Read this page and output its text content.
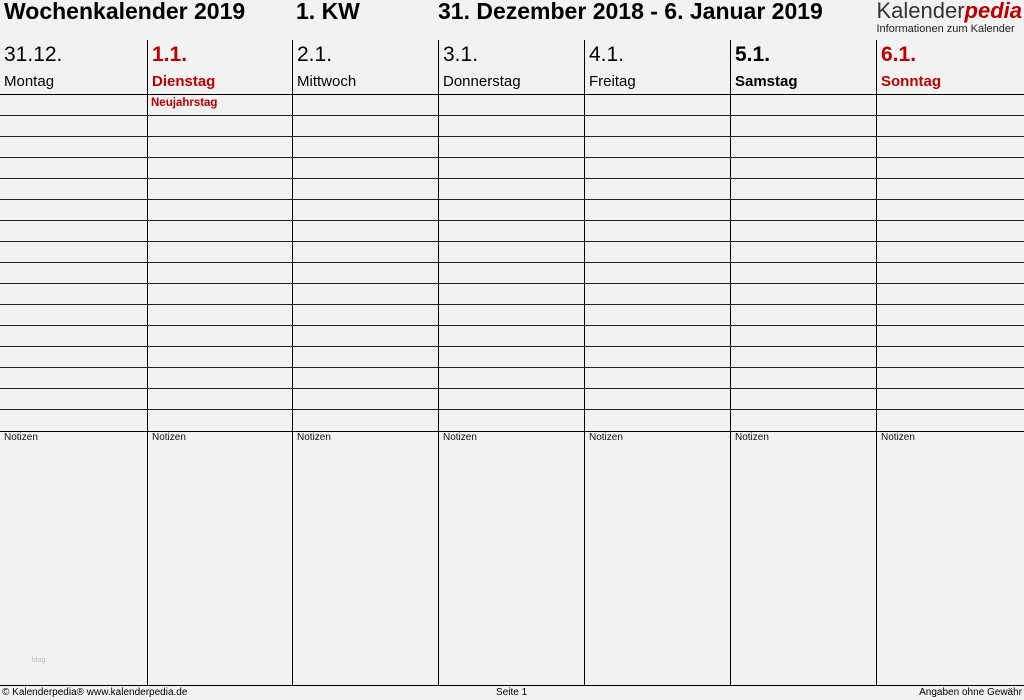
Wochenkalender 2019 1. KW	31. Dezember 2018 - 6. Januar 2019 Kalenderpedia
Informationen zum Kalender
31.12.
Montag
Notizen
1.1.
Dienstag
Neujahrstag
Notizen
2.1.
Mittwoch
Notizen
3.1.
Donnerstag
Notizen
4.1.
Freitag
Notizen
5.1.
Samstag
Notizen
6.1.
Sonntag
Notizen
blog
© Kalenderpedia® www.kalenderpedia.de	Seite 1	Angaben ohne Gewähr
